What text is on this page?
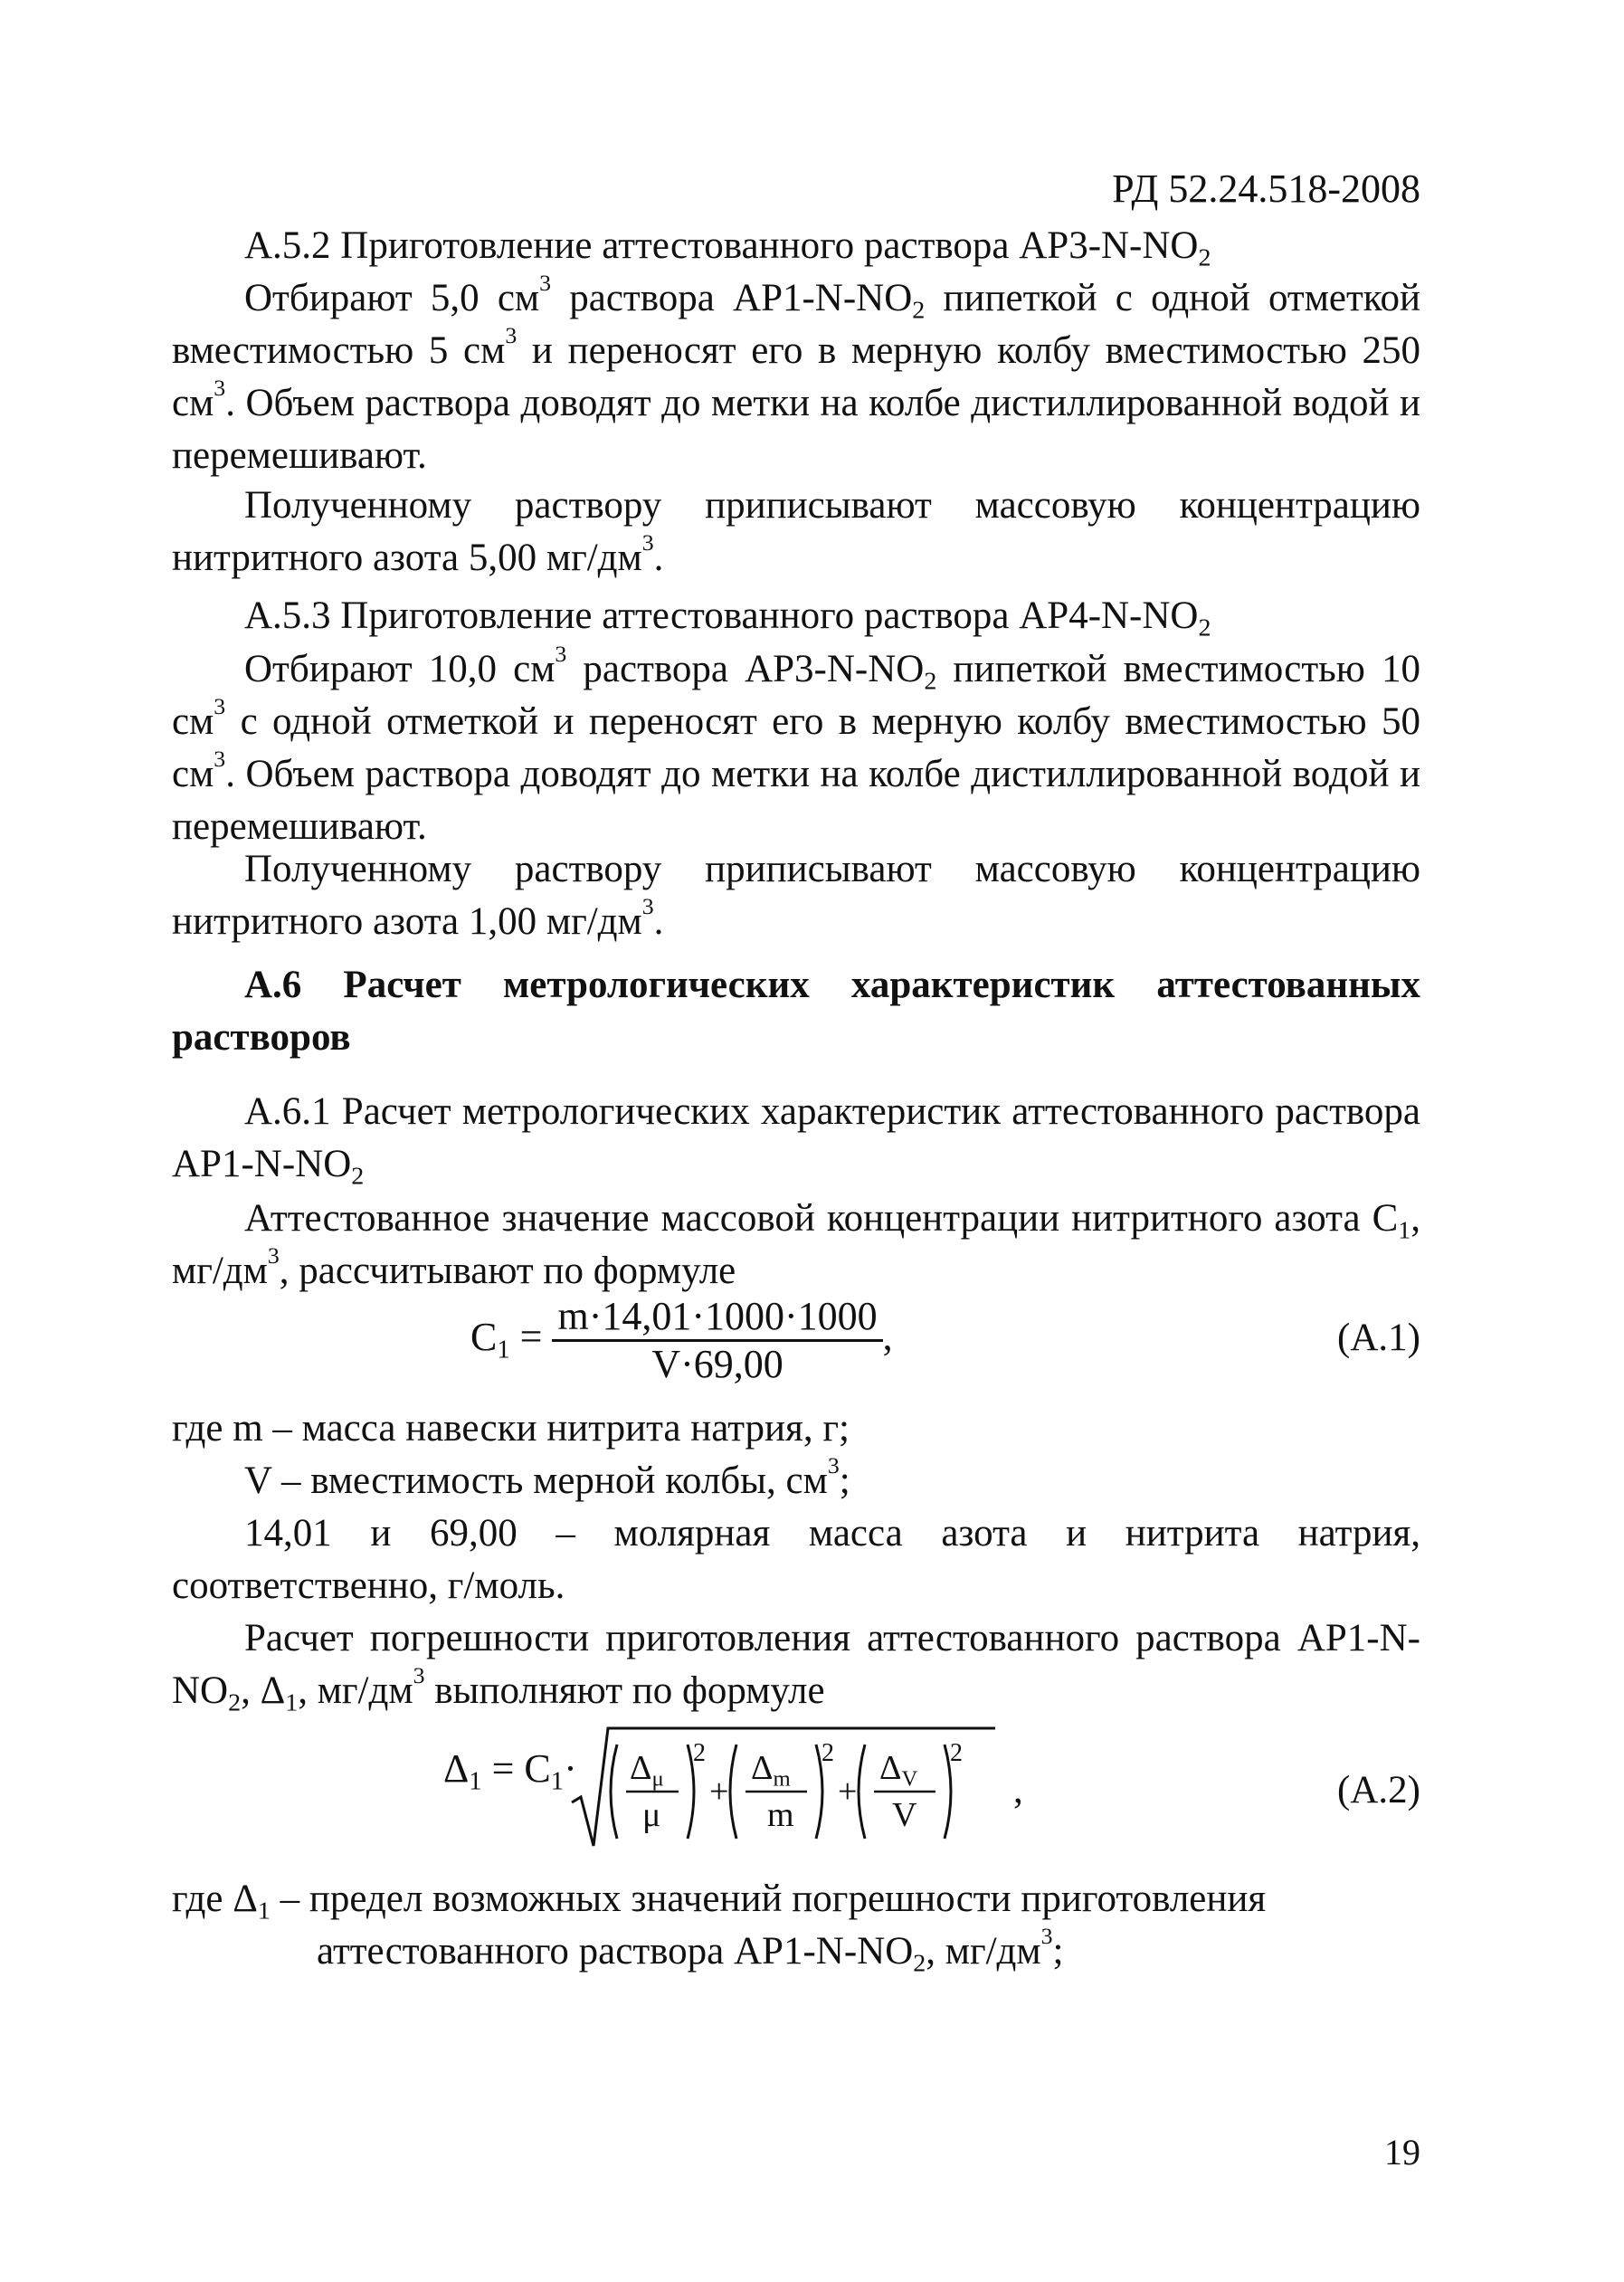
РД 52.24.518-2008

А.5.2 Приготовление аттестованного раствора $АР3-N-NO_2$

Отбирают 5,0 $см^3$ раствора $АР1-N-NO_2$ пипеткой с одной отметкой вместимостью 5 $см^3$ и переносят его в мерную колбу вместимостью 250 $см^3$. Объем раствора доводят до метки на колбе дистиллированной водой и перемешивают.

Полученному раствору приписывают массовую концентрацию нитритного азота 5,00 $мг/дм^3$.

А.5.3 Приготовление аттестованного раствора $АР4-N-NO_2$

Отбирают 10,0 $см^3$ раствора $АР3-N-NO_2$ пипеткой вместимостью 10 $см^3$ с одной отметкой и переносят его в мерную колбу вместимостью 50 $см^3$. Объем раствора доводят до метки на колбе дистиллированной водой и перемешивают.

Полученному раствору приписывают массовую концентрацию нитритного азота 1,00 $мг/дм^3$.

А.6 Расчет метрологических характеристик аттестованных растворов

А.6.1 Расчет метрологических характеристик аттестованного раствора $АР1-N-NO_2$

Аттестованное значение массовой концентрации нитритного азота $С_1$, $мг/дм^3$, рассчитывают по формуле

$C_1 = \frac{m\cdot 14,01\cdot 1000\cdot 1000}{V\cdot 69,00}$ ,	(А.1)

где m – масса навески нитрита натрия, г;

V – вместимость мерной колбы, $см^3$;

14,01 и 69,00 – молярная масса азота и нитрита натрия, соответственно, г/моль.

Расчет погрешности приготовления аттестованного раствора $АР1-N-NO_2$, $\Delta_1$, $мг/дм^3$ выполняют по формуле

$\Delta_1 = C_1\cdot \Delta_\mu$
μ
2
+
$\Delta_m$
m
2
+
$\Delta_V$
V
2
,	(А.2)
где $\Delta_1$ – предел возможных значений погрешности приготовления аттестованного раствора $АР1-N-NO_2$, $мг/дм^3$;
19
